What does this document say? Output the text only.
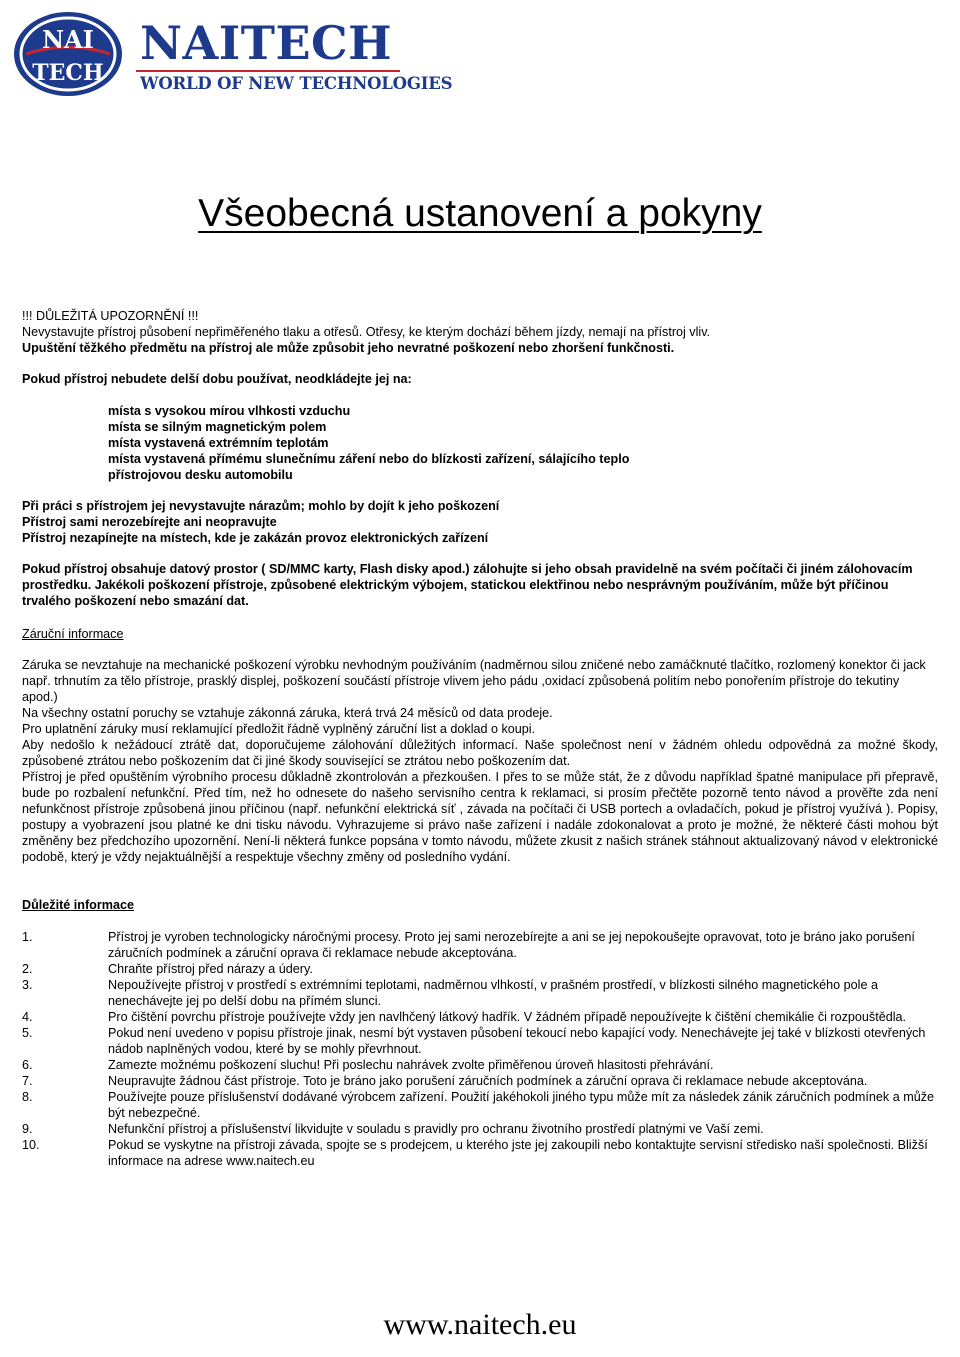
NAI
TECH
NAITECH
WORLD OF NEW TECHNOLOGIES
Všeobecná ustanovení a pokyny

!!! DŮLEŽITÁ UPOZORNĚNÍ !!!

Nevystavujte přístroj působení nepřiměřeného tlaku a otřesů. Otřesy, ke kterým dochází během jízdy, nemají na přístroj vliv.

Upuštění těžkého předmětu na přístroj ale může způsobit jeho nevratné poškození nebo zhoršení funkčnosti.

Pokud přístroj nebudete delší dobu používat, neodkládejte jej na:
místa s vysokou mírou vlhkosti vzduchu
místa se silným magnetickým polem
místa vystavená extrémním teplotám
místa vystavená přímému slunečnímu záření nebo do blízkosti zařízení, sálajícího teplo
přístrojovou desku automobilu
Při práci s přístrojem jej nevystavujte nárazům; mohlo by dojít k jeho poškození
Přístroj sami nerozebírejte ani neopravujte
Přístroj nezapínejte na místech, kde je zakázán provoz elektronických zařízení
Pokud přístroj obsahuje datový prostor ( SD/MMC karty, Flash disky apod.) zálohujte si jeho obsah pravidelně na svém počítači či jiném zálohovacím prostředku. Jakékoli poškození přístroje, způsobené elektrickým výbojem, statickou elektřinou nebo nesprávným používáním, může být příčinou trvalého poškození nebo smazání dat.
Záruční informace

Záruka se nevztahuje na mechanické poškození výrobku nevhodným používáním (nadměrnou silou zničené nebo zamáčknuté tlačítko, rozlomený konektor či jack např. trhnutím za tělo přístroje, prasklý displej, poškození součástí přístroje vlivem jeho pádu ,oxidací způsobená politím nebo ponořením přístroje do tekutiny apod.)

Na všechny ostatní poruchy se vztahuje zákonná záruka, která trvá 24 měsíců od data prodeje.

Pro uplatnění záruky musí reklamující předložit řádně vyplněný záruční list a doklad o koupi.

Aby nedošlo k nežádoucí ztrátě dat, doporučujeme zálohování důležitých informací. Naše společnost není v žádném ohledu odpovědná za možné škody, způsobené ztrátou nebo poškozením dat či jiné škody související se ztrátou nebo poškozením dat.

Přístroj je před opuštěním výrobního procesu důkladně zkontrolován a přezkoušen. I přes to se může stát, že z důvodu například špatné manipulace při přepravě, bude po rozbalení nefunkční. Před tím, než ho odnesete do našeho servisního centra k reklamaci, si prosím přečtěte pozorně tento návod a prověřte zda není nefunkčnost přístroje způsobená jinou příčinou (např. nefunkční elektrická síť , závada na počítači či USB portech a ovladačích, pokud je přístroj využívá ). Popisy, postupy a vyobrazení jsou platné ke dni tisku návodu. Vyhrazujeme si právo naše zařízení i nadále zdokonalovat a proto je možné, že některé části mohou být změněny bez předchozího upozornění. Není-li některá funkce popsána v tomto návodu, můžete zkusit z našich stránek stáhnout aktualizovaný návod v elektronické podobě, který je vždy nejaktuálnější a respektuje všechny změny od posledního vydání.

Důležité informace
1.	Přístroj je vyroben technologicky náročnými procesy. Proto jej sami nerozebírejte a ani se jej nepokoušejte opravovat, toto je bráno jako porušení záručních podmínek a záruční oprava či reklamace nebude akceptována.
2.	Chraňte přístroj před nárazy a údery.
3.	Nepoužívejte přístroj v prostředí s extrémními teplotami, nadměrnou vlhkostí, v prašném prostředí, v blízkosti silného magnetického pole a nenechávejte jej po delší dobu na přímém slunci.
4.	Pro čištění povrchu přístroje používejte vždy jen navlhčený látkový hadřík. V žádném případě nepoužívejte k čištění chemikálie či rozpouštědla.
5.	Pokud není uvedeno v popisu přístroje jinak, nesmí být vystaven působení tekoucí nebo kapající vody. Nenechávejte jej také v blízkosti otevřených nádob naplněných vodou, které by se mohly převrhnout.
6.	Zamezte možnému poškození sluchu! Při poslechu nahrávek zvolte přiměřenou úroveň hlasitosti přehrávání.
7.	Neupravujte žádnou část přístroje. Toto je bráno jako porušení záručních podmínek a záruční oprava či reklamace nebude akceptována.
8.	Používejte pouze příslušenství dodávané výrobcem zařízení. Použití jakéhokoli jiného typu může mít za následek zánik záručních podmínek a může být nebezpečné.
9.	Nefunkční přístroj a příslušenství likvidujte v souladu s pravidly pro ochranu životního prostředí platnými ve Vaší zemi.
10.	Pokud se vyskytne na přístroji závada, spojte se s prodejcem, u kterého jste jej zakoupili nebo kontaktujte servisní středisko naší společnosti. Bližší informace na adrese www.naitech.eu
www.naitech.eu
